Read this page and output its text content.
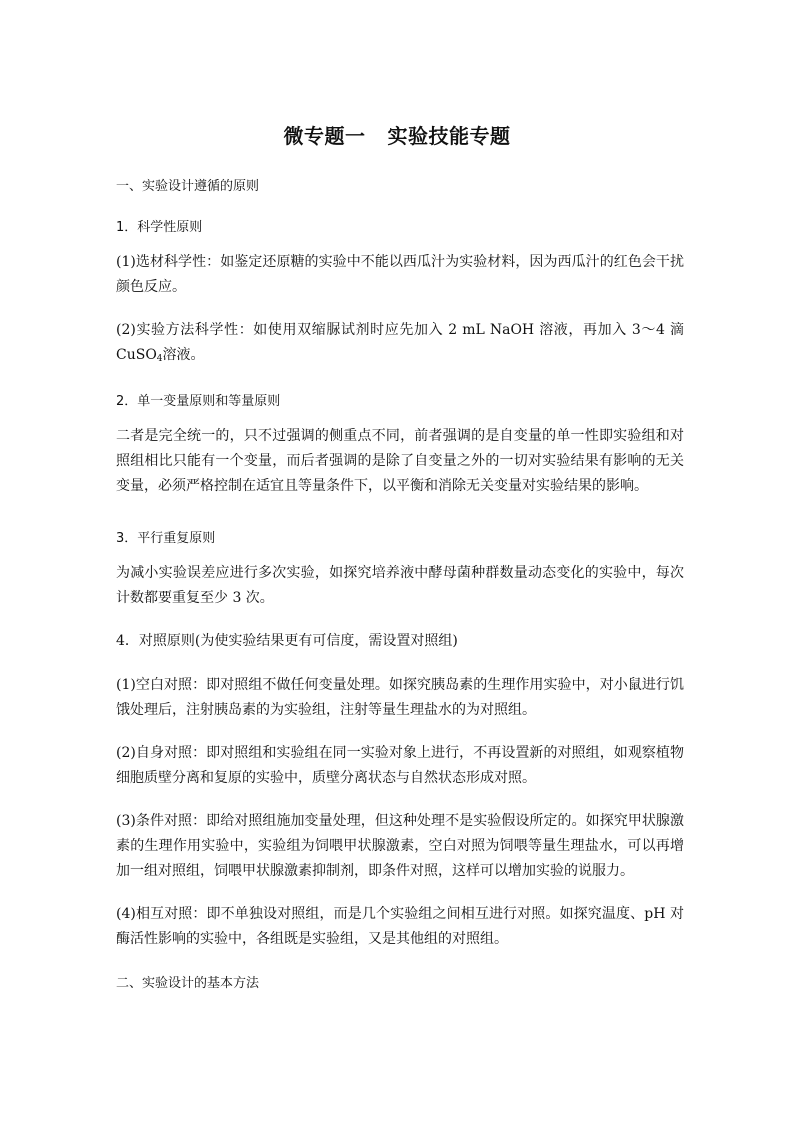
微专题一 实验技能专题
一、实验设计遵循的原则
1．科学性原则
(1)选材科学性：如鉴定还原糖的实验中不能以西瓜汁为实验材料，因为西瓜汁的红色会干扰颜色反应。
(2)实验方法科学性：如使用双缩脲试剂时应先加入 2 mL NaOH 溶液，再加入 3～4 滴 CuSO$_4$溶液。
2．单一变量原则和等量原则
二者是完全统一的，只不过强调的侧重点不同，前者强调的是自变量的单一性即实验组和对照组相比只能有一个变量，而后者强调的是除了自变量之外的一切对实验结果有影响的无关变量，必须严格控制在适宜且等量条件下，以平衡和消除无关变量对实验结果的影响。
3．平行重复原则
为减小实验误差应进行多次实验，如探究培养液中酵母菌种群数量动态变化的实验中，每次计数都要重复至少 3 次。
4．对照原则(为使实验结果更有可信度，需设置对照组)
(1)空白对照：即对照组不做任何变量处理。如探究胰岛素的生理作用实验中，对小鼠进行饥饿处理后，注射胰岛素的为实验组，注射等量生理盐水的为对照组。
(2)自身对照：即对照组和实验组在同一实验对象上进行，不再设置新的对照组，如观察植物细胞质壁分离和复原的实验中，质壁分离状态与自然状态形成对照。
(3)条件对照：即给对照组施加变量处理，但这种处理不是实验假设所定的。如探究甲状腺激素的生理作用实验中，实验组为饲喂甲状腺激素，空白对照为饲喂等量生理盐水，可以再增加一组对照组，饲喂甲状腺激素抑制剂，即条件对照，这样可以增加实验的说服力。
(4)相互对照：即不单独设对照组，而是几个实验组之间相互进行对照。如探究温度、pH 对酶活性影响的实验中，各组既是实验组，又是其他组的对照组。
二、实验设计的基本方法
